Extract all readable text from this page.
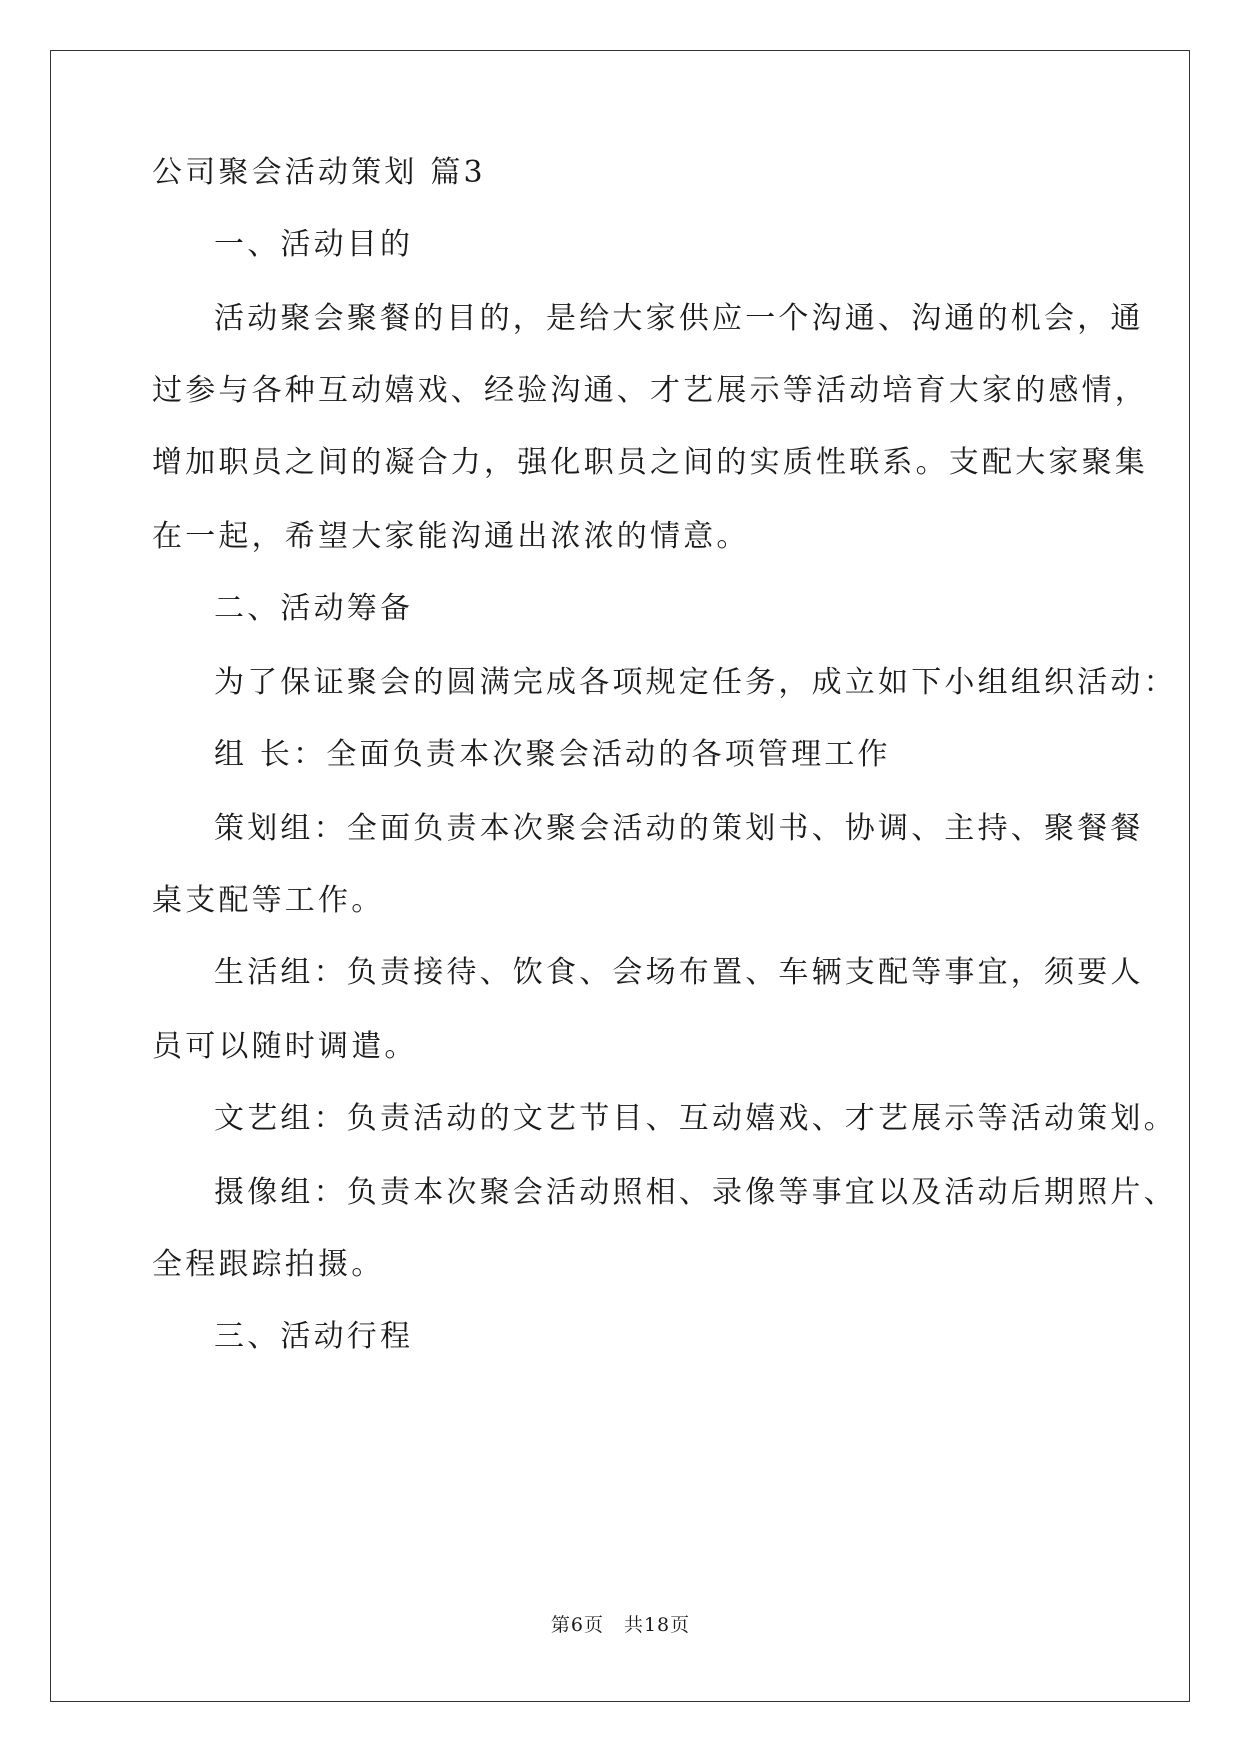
公司聚会活动策划 篇3

一、活动目的

活动聚会聚餐的目的，是给大家供应一个沟通、沟通的机会，通

过参与各种互动嬉戏、经验沟通、才艺展示等活动培育大家的感情，

增加职员之间的凝合力，强化职员之间的实质性联系。支配大家聚集

在一起，希望大家能沟通出浓浓的情意。

二、活动筹备

为了保证聚会的圆满完成各项规定任务，成立如下小组组织活动：

组 长：全面负责本次聚会活动的各项管理工作

策划组：全面负责本次聚会活动的策划书、协调、主持、聚餐餐

桌支配等工作。

生活组：负责接待、饮食、会场布置、车辆支配等事宜，须要人

员可以随时调遣。

文艺组：负责活动的文艺节目、互动嬉戏、才艺展示等活动策划。

摄像组：负责本次聚会活动照相、录像等事宜以及活动后期照片、

全程跟踪拍摄。

三、活动行程

第6页 共18页
